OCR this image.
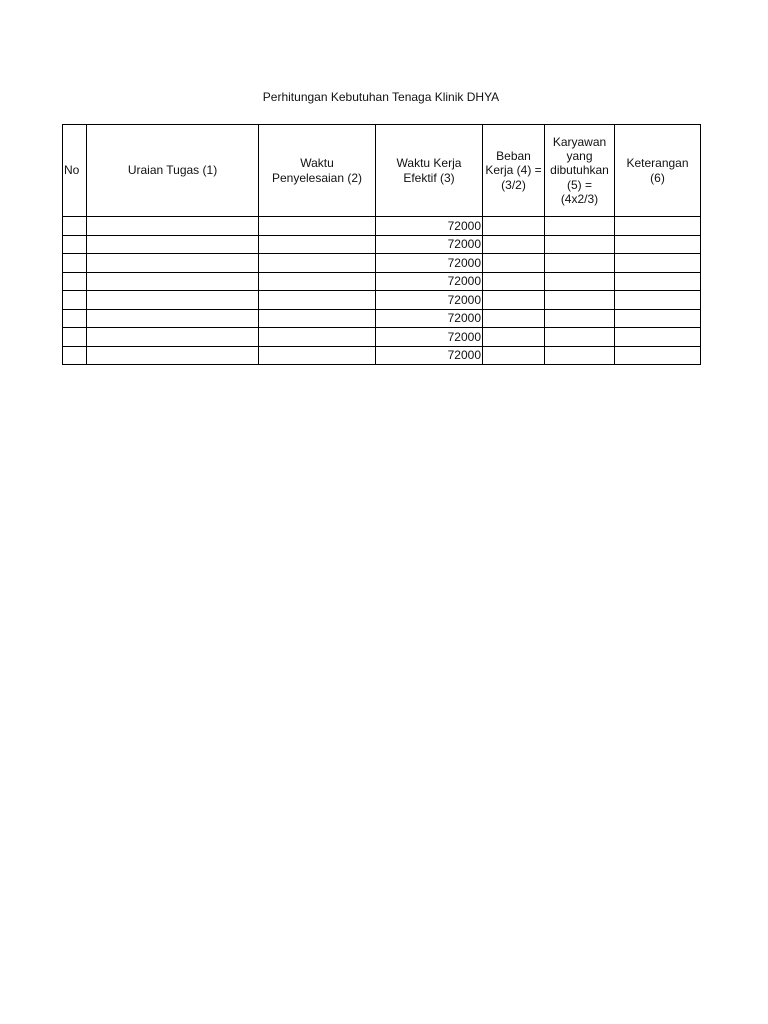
Perhitungan Kebutuhan Tenaga Klinik DHYA
No	Uraian Tugas (1)	Waktu
Penyelesaian (2)	Waktu Kerja
Efektif (3)	Beban
Kerja (4) =
(3/2)	Karyawan
yang
dibutuhkan
(5) =
(4x2/3)	Keterangan
(6)

			72000			
			72000			
			72000			
			72000			
			72000			
			72000			
			72000			
			72000			
